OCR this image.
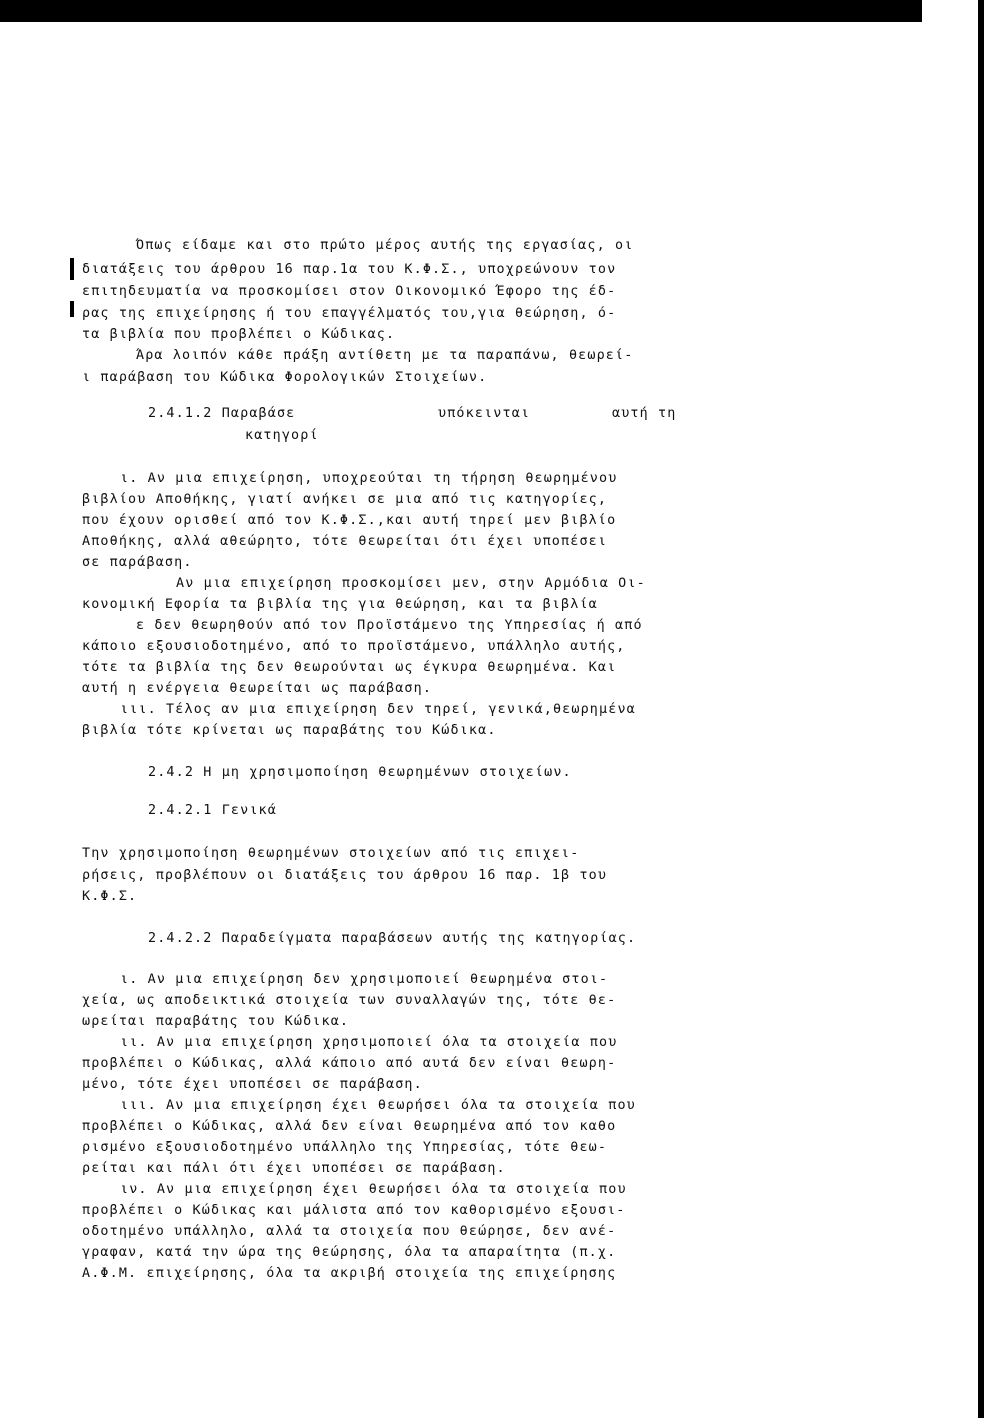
Όπως είδαμε και στο πρώτο μέρος αυτής της εργασίας, οι
διατάξεις του άρθρου 16 παρ.1α του Κ.Φ.Σ., υποχρεώνουν τον
επιτηδευματία να προσκομίσει στον Οικονομικό Έφορο της έδ-
ρας της επιχείρησης ή του επαγγέλματός του,για θεώρηση, ό-
τα βιβλία που προβλέπει ο Κώδικας.
Άρα λοιπόν κάθε πράξη αντίθετη με τα παραπάνω, θεωρεί-
ι παράβαση του Κώδικα Φορολογικών Στοιχείων.
2.4.1.2 Παραβάσε	υπόκεινται	αυτή τη
κατηγορί
ι. Αν μια επιχείρηση, υποχρεούται τη τήρηση θεωρημένου
βιβλίου Αποθήκης, γιατί ανήκει σε μια από τις κατηγορίες,
που έχουν ορισθεί από τον Κ.Φ.Σ.,και αυτή τηρεί μεν βιβλίο
Αποθήκης, αλλά αθεώρητο, τότε θεωρείται ότι έχει υποπέσει
σε παράβαση.
Αν μια επιχείρηση προσκομίσει μεν, στην Αρμόδια Οι-
κονομική Εφορία τα βιβλία της για θεώρηση, και τα βιβλία
ε δεν θεωρηθούν από τον Προϊστάμενο της Υπηρεσίας ή από
κάποιο εξουσιοδοτημένο, από το προϊστάμενο, υπάλληλο αυτής,
τότε τα βιβλία της δεν θεωρούνται ως έγκυρα θεωρημένα. Και
αυτή η ενέργεια θεωρείται ως παράβαση.
ιιι. Τέλος αν μια επιχείρηση δεν τηρεί, γενικά,θεωρημένα
βιβλία τότε κρίνεται ως παραβάτης του Κώδικα.
2.4.2 Η μη χρησιμοποίηση θεωρημένων στοιχείων.
2.4.2.1 Γενικά
Την χρησιμοποίηση θεωρημένων στοιχείων από τις επιχει-
ρήσεις, προβλέπουν οι διατάξεις του άρθρου 16 παρ. 1β του
Κ.Φ.Σ.
2.4.2.2 Παραδείγματα παραβάσεων αυτής της κατηγορίας.
ι. Αν μια επιχείρηση δεν χρησιμοποιεί θεωρημένα στοι-
χεία, ως αποδεικτικά στοιχεία των συναλλαγών της, τότε θε-
ωρείται παραβάτης του Κώδικα.
ιι. Αν μια επιχείρηση χρησιμοποιεί όλα τα στοιχεία που
προβλέπει ο Κώδικας, αλλά κάποιο από αυτά δεν είναι θεωρη-
μένο, τότε έχει υποπέσει σε παράβαση.
ιιι. Αν μια επιχείρηση έχει θεωρήσει όλα τα στοιχεία που
προβλέπει ο Κώδικας, αλλά δεν είναι θεωρημένα από τον καθο
ρισμένο εξουσιοδοτημένο υπάλληλο της Υπηρεσίας, τότε θεω-
ρείται και πάλι ότι έχει υποπέσει σε παράβαση.
ιν. Αν μια επιχείρηση έχει θεωρήσει όλα τα στοιχεία που
προβλέπει ο Κώδικας και μάλιστα από τον καθορισμένο εξουσι-
οδοτημένο υπάλληλο, αλλά τα στοιχεία που θεώρησε, δεν ανέ-
γραφαν, κατά την ώρα της θεώρησης, όλα τα απαραίτητα (π.χ.
Α.Φ.Μ. επιχείρησης, όλα τα ακριβή στοιχεία της επιχείρησης
